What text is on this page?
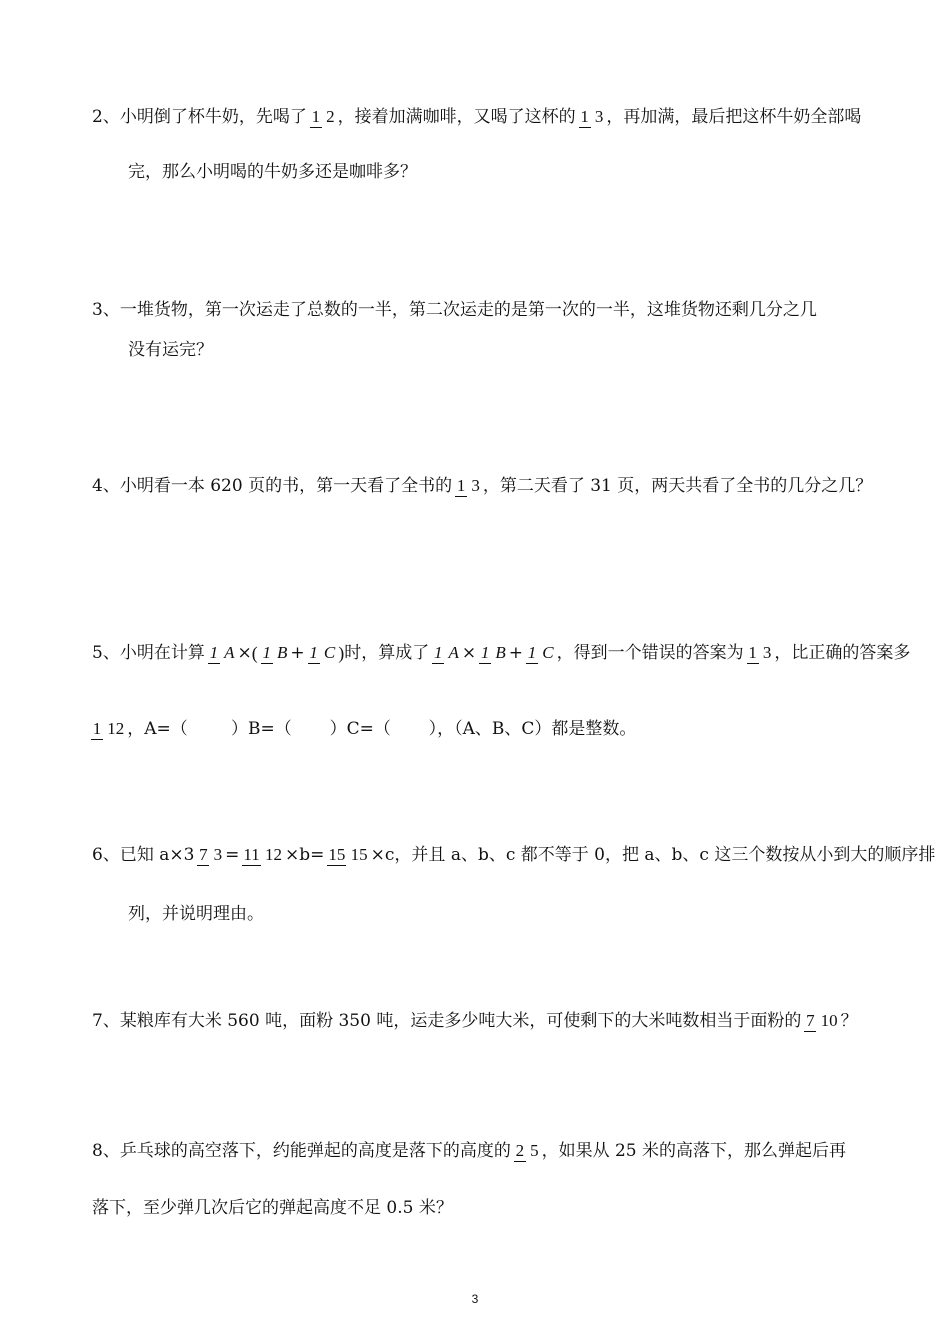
2、小明倒了杯牛奶，先喝了 1 2 ，接着加满咖啡，又喝了这杯的 1 3 ，再加满，最后把这杯牛奶全部喝
完，那么小明喝的牛奶多还是咖啡多？
3、一堆货物，第一次运走了总数的一半，第二次运走的是第一次的一半，这堆货物还剩几分之几
没有运完？
4、小明看一本 620 页的书，第一天看了全书的 1 3 ，第二天看了 31 页，两天共看了全书的几分之几？
5、小明在计算 1 A × ( 1 B + 1 C ) 时，算成了 1 A × 1 B + 1 C ，得到一个错误的答案为 1 3 ，比正确的答案多
1 12 ，A=（        ）B=（       ）C=（       ），（A、B、C）都是整数。
6、已知 a×3 7 3 = 11 12 ×b= 15 15 ×c，并且 a、b、c 都不等于 0，把 a、b、c 这三个数按从小到大的顺序排
列，并说明理由。
7、某粮库有大米 560 吨，面粉 350 吨，运走多少吨大米，可使剩下的大米吨数相当于面粉的 7 10 ？
8、乒乓球的高空落下，约能弹起的高度是落下的高度的 2 5 ，如果从 25 米的高落下，那么弹起后再
落下，至少弹几次后它的弹起高度不足 0.5 米？
3
